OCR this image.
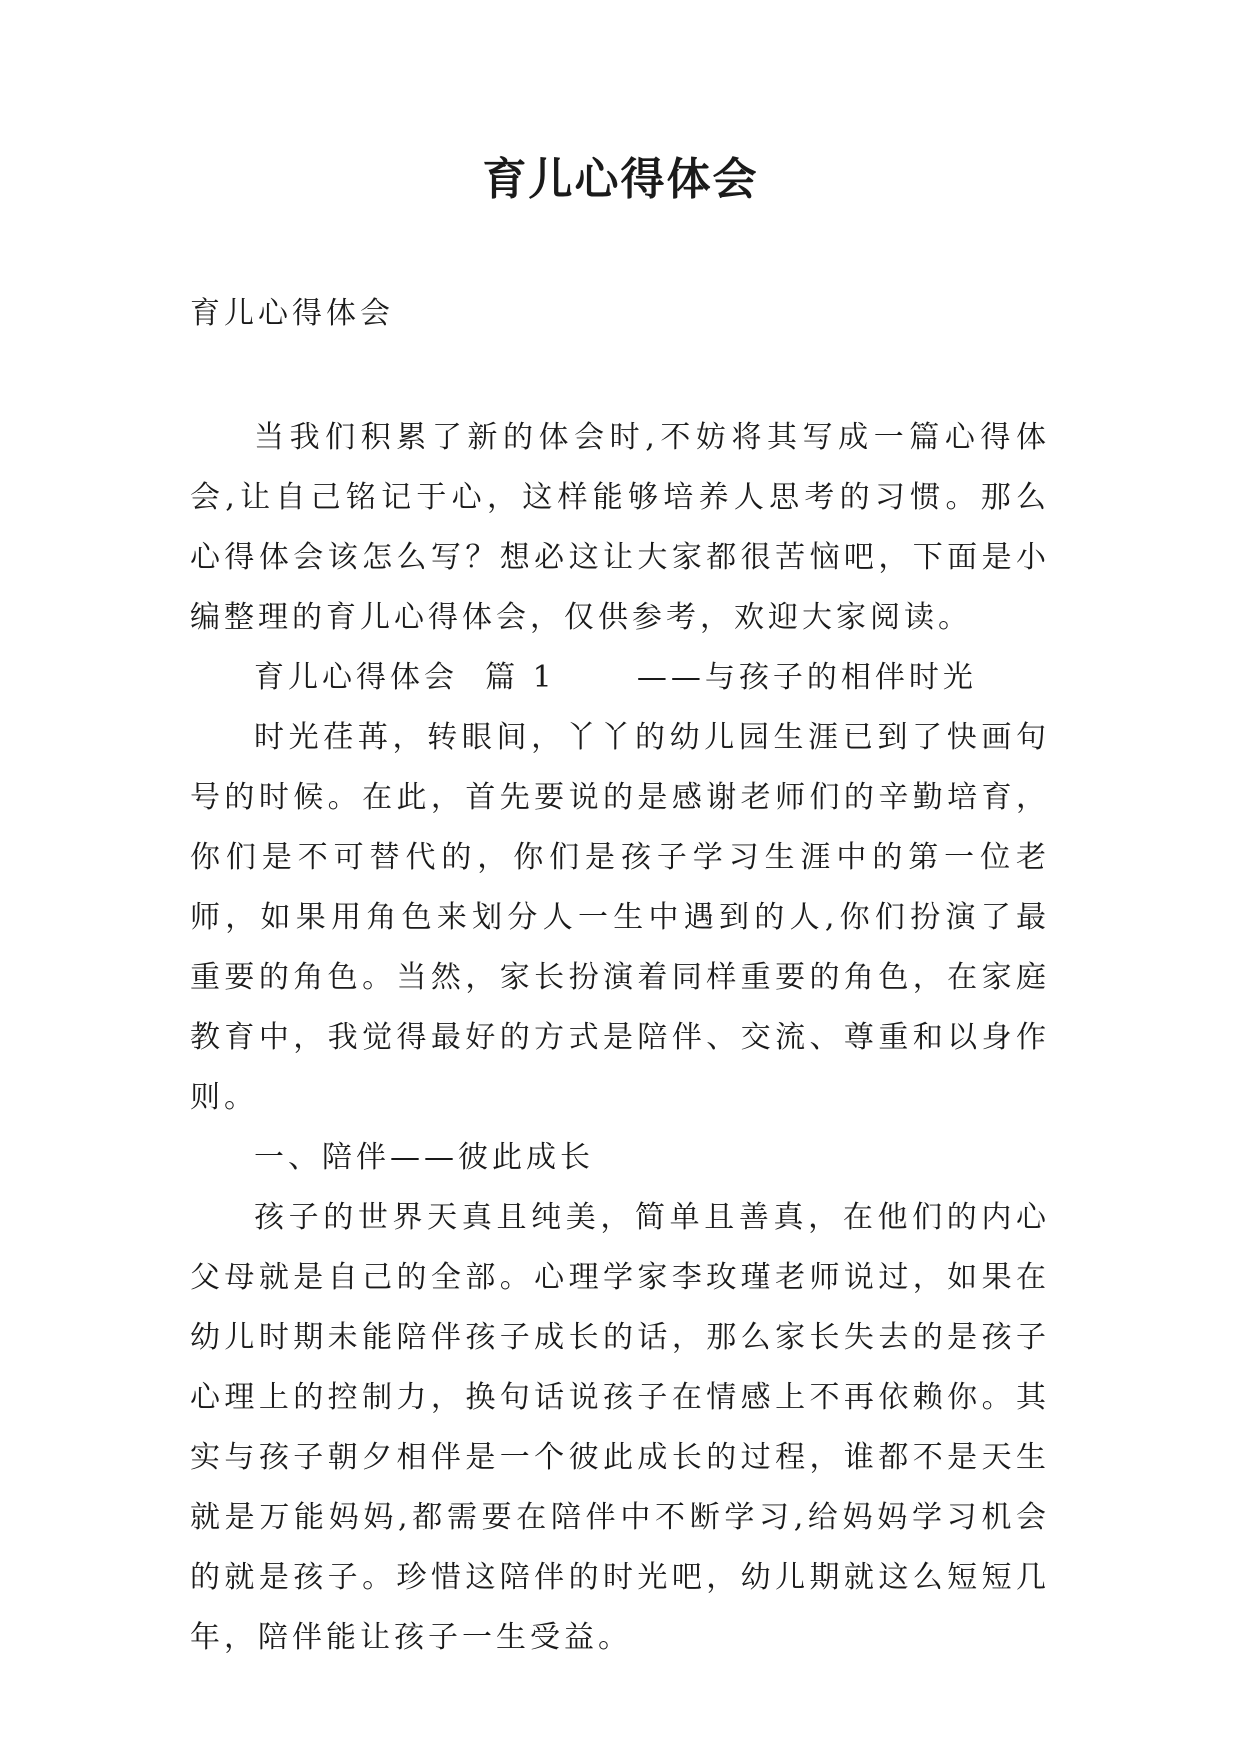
育儿心得体会
育儿心得体会

当我们积累了新的体会时,不妨将其写成一篇心得体会,让自己铭记于心，这样能够培养人思考的习惯。那么心得体会该怎么写？想必这让大家都很苦恼吧，下面是小编整理的育儿心得体会，仅供参考，欢迎大家阅读。

育儿心得体会  篇 1      ——与孩子的相伴时光

时光荏苒，转眼间，丫丫的幼儿园生涯已到了快画句号的时候。在此，首先要说的是感谢老师们的辛勤培育，你们是不可替代的，你们是孩子学习生涯中的第一位老师，如果用角色来划分人一生中遇到的人,你们扮演了最重要的角色。当然，家长扮演着同样重要的角色，在家庭教育中，我觉得最好的方式是陪伴、交流、尊重和以身作则。

一、陪伴——彼此成长

孩子的世界天真且纯美，简单且善真，在他们的内心父母就是自己的全部。心理学家李玫瑾老师说过，如果在幼儿时期未能陪伴孩子成长的话，那么家长失去的是孩子心理上的控制力，换句话说孩子在情感上不再依赖你。其实与孩子朝夕相伴是一个彼此成长的过程，谁都不是天生就是万能妈妈,都需要在陪伴中不断学习,给妈妈学习机会的就是孩子。珍惜这陪伴的时光吧，幼儿期就这么短短几年，陪伴能让孩子一生受益。
